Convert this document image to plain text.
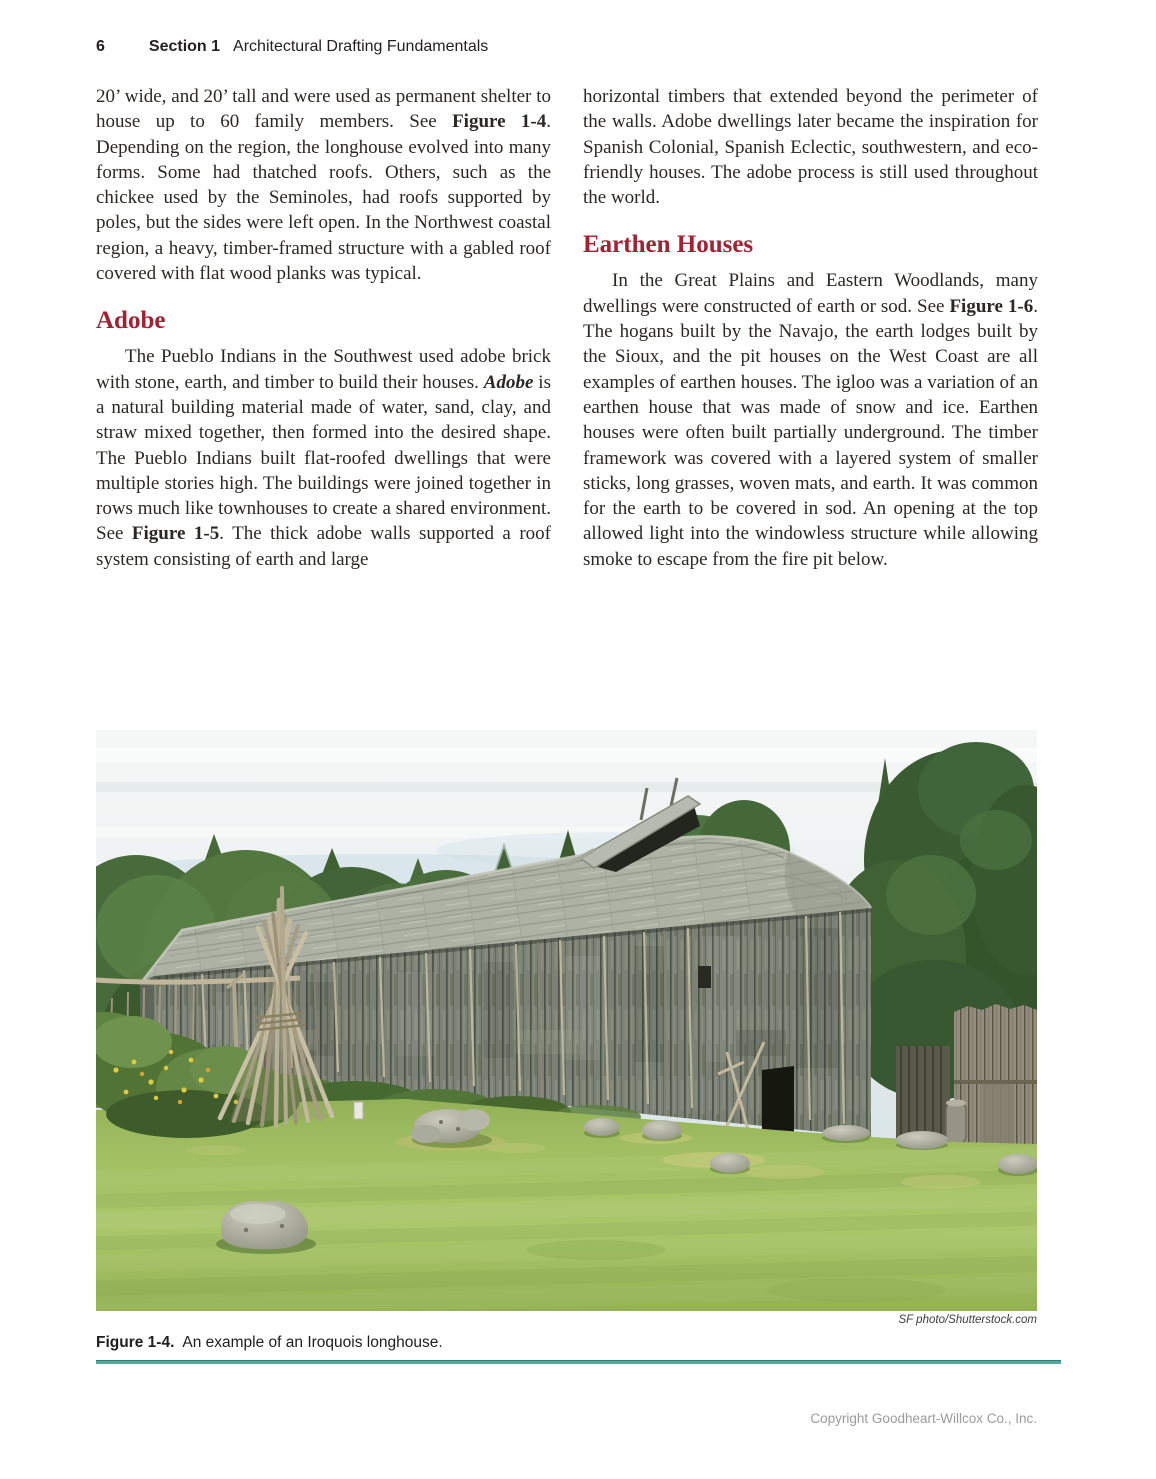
6	Section 1 Architectural Drafting Fundamentals

20’ wide, and 20’ tall and were used as permanent shelter to house up to 60 family members. See Figure 1-4. Depending on the region, the longhouse evolved into many forms. Some had thatched roofs. Others, such as the chickee used by the Seminoles, had roofs supported by poles, but the sides were left open. In the Northwest coastal region, a heavy, timber-framed structure with a gabled roof covered with flat wood planks was typical.

Adobe

The Pueblo Indians in the Southwest used adobe brick with stone, earth, and timber to build their houses. Adobe is a natural building material made of water, sand, clay, and straw mixed together, then formed into the desired shape. The Pueblo Indians built flat-roofed dwellings that were multiple stories high. The buildings were joined together in rows much like townhouses to create a shared environment. See Figure 1-5. The thick adobe walls supported a roof system consisting of earth and large

horizontal timbers that extended beyond the perimeter of the walls. Adobe dwellings later became the inspiration for Spanish Colonial, Spanish Eclectic, southwestern, and eco-friendly houses. The adobe process is still used throughout the world.

Earthen Houses

In the Great Plains and Eastern Woodlands, many dwellings were constructed of earth or sod. See Figure 1-6. The hogans built by the Navajo, the earth lodges built by the Sioux, and the pit houses on the West Coast are all examples of earthen houses. The igloo was a variation of an earthen house that was made of snow and ice. Earthen houses were often built partially underground. The timber framework was covered with a layered system of smaller sticks, long grasses, woven mats, and earth. It was common for the earth to be covered in sod. An opening at the top allowed light into the windowless structure while allowing smoke to escape from the fire pit below.

SF photo/Shutterstock.com
Figure 1-4. An example of an Iroquois longhouse.
Copyright Goodheart-Willcox Co., Inc.
